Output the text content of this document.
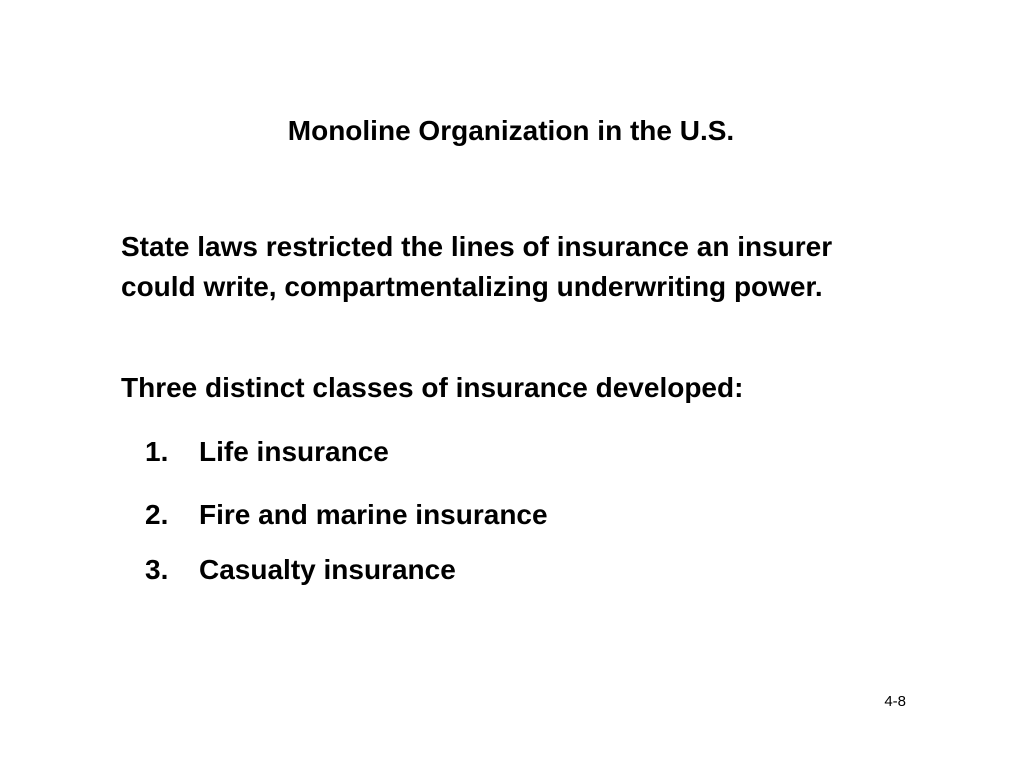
Monoline Organization in the U.S.
State laws restricted the lines of insurance an insurer could write, compartmentalizing underwriting power.
Three distinct classes of insurance developed:
1. Life insurance
2. Fire and marine insurance
3. Casualty insurance
4-8
